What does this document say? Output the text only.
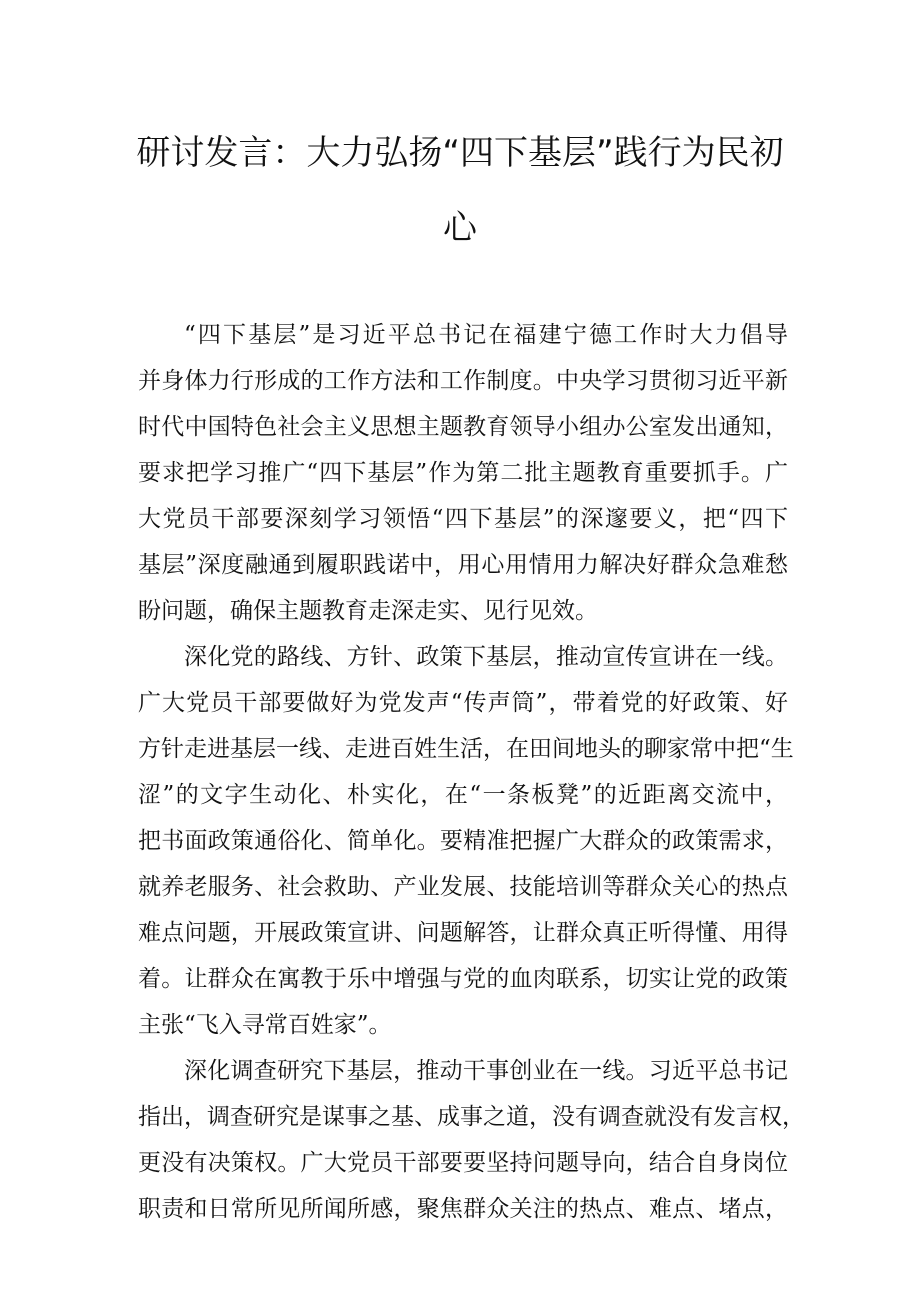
研讨发言：大力弘扬“四下基层”践行为民初
心
“四下基层”是习近平总书记在福建宁德工作时大力倡导
并身体力行形成的工作方法和工作制度。中央学习贯彻习近平新
时代中国特色社会主义思想主题教育领导小组办公室发出通知，
要求把学习推广“四下基层”作为第二批主题教育重要抓手。广
大党员干部要深刻学习领悟“四下基层”的深邃要义，把“四下
基层”深度融通到履职践诺中，用心用情用力解决好群众急难愁
盼问题，确保主题教育走深走实、见行见效。
深化党的路线、方针、政策下基层，推动宣传宣讲在一线。
广大党员干部要做好为党发声“传声筒”，带着党的好政策、好
方针走进基层一线、走进百姓生活，在田间地头的聊家常中把“生
涩”的文字生动化、朴实化，在“一条板凳”的近距离交流中，
把书面政策通俗化、简单化。要精准把握广大群众的政策需求，
就养老服务、社会救助、产业发展、技能培训等群众关心的热点
难点问题，开展政策宣讲、问题解答，让群众真正听得懂、用得
着。让群众在寓教于乐中增强与党的血肉联系，切实让党的政策
主张“飞入寻常百姓家”。
深化调查研究下基层，推动干事创业在一线。习近平总书记
指出，调查研究是谋事之基、成事之道，没有调查就没有发言权，
更没有决策权。广大党员干部要要坚持问题导向，结合自身岗位
职责和日常所见所闻所感，聚焦群众关注的热点、难点、堵点，
